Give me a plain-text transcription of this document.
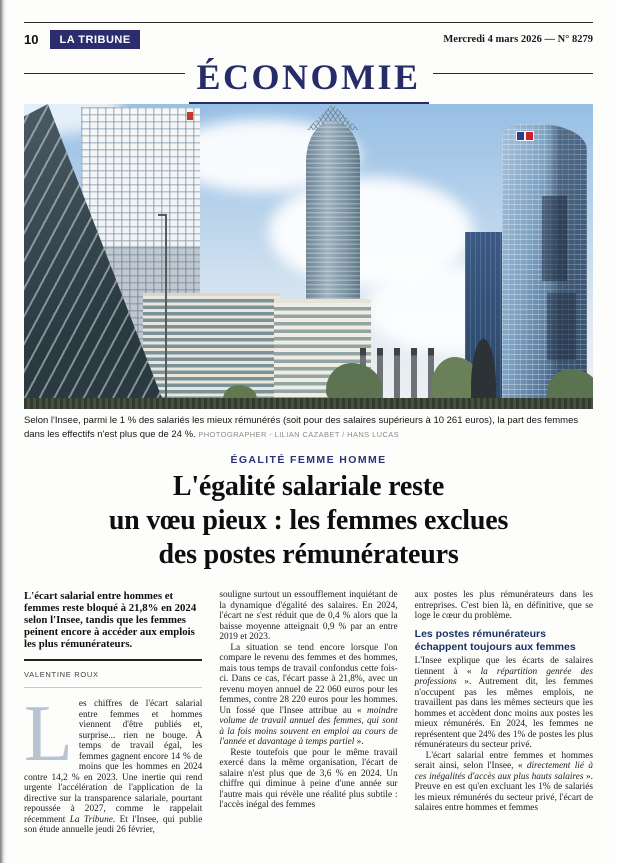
10	LA TRIBUNE	Mercredi 4 mars 2026 — N° 8279
ÉCONOMIE

Selon l'Insee, parmi le 1 % des salariés les mieux rémunérés (soit pour des salaires supérieurs à 10 261 euros), la part des femmes dans les effectifs n'est plus que de 24 %. PHOTOGRAPHER - LILIAN CAZABET / HANS LUCAS

ÉGALITÉ FEMME HOMME
L'égalité salariale reste
un vœu pieux : les femmes exclues
des postes rémunérateurs

L'écart salarial entre hommes et femmes reste bloqué à 21,8% en 2024 selon l'Insee, tandis que les femmes peinent encore à accéder aux emplois les plus rémunérateurs.

VALENTINE ROUX

Les chiffres de l'écart salarial entre femmes et hommes viennent d'être publiés et, surprise... rien ne bouge. À temps de travail égal, les femmes gagnent encore 14 % de moins que les hommes en 2024 contre 14,2 % en 2023. Une inertie qui rend urgente l'accélération de l'application de la directive sur la transparence salariale, pourtant repoussée à 2027, comme le rappelait récemment La Tribune. Et l'Insee, qui publie son étude annuelle jeudi 26 février,

souligne surtout un essoufflement inquiétant de la dynamique d'égalité des salaires. En 2024, l'écart ne s'est réduit que de 0,4 % alors que la baisse moyenne atteignait 0,9 % par an entre 2019 et 2023.

La situation se tend encore lorsque l'on compare le revenu des femmes et des hommes, mais tous temps de travail confondus cette fois-ci. Dans ce cas, l'écart passe à 21,8%, avec un revenu moyen annuel de 22 060 euros pour les femmes, contre 28 220 euros pour les hommes. Un fossé que l'Insee attribue au « moindre volume de travail annuel des femmes, qui sont à la fois moins souvent en emploi au cours de l'année et davantage à temps partiel ».

Reste toutefois que pour le même travail exercé dans la même organisation, l'écart de salaire n'est plus que de 3,6 % en 2024. Un chiffre qui diminue à peine d'une année sur l'autre mais qui révèle une réalité plus subtile : l'accès inégal des femmes

aux postes les plus rémunérateurs dans les entreprises. C'est bien là, en définitive, que se loge le cœur du problème.

Les postes rémunérateurs échappent toujours aux femmes

L'Insee explique que les écarts de salaires tiennent à « la répartition genrée des professions ». Autrement dit, les femmes n'occupent pas les mêmes emplois, ne travaillent pas dans les mêmes secteurs que les hommes et accèdent donc moins aux postes les mieux rémunérés. En 2024, les femmes ne représentent que 24% des 1% de postes les plus rémunérateurs du secteur privé.

L'écart salarial entre femmes et hommes serait ainsi, selon l'Insee, « directement lié à ces inégalités d'accès aux plus hauts salaires ». Preuve en est qu'en excluant les 1% de salariés les mieux rémunérés du secteur privé, l'écart de salaires entre hommes et femmes
